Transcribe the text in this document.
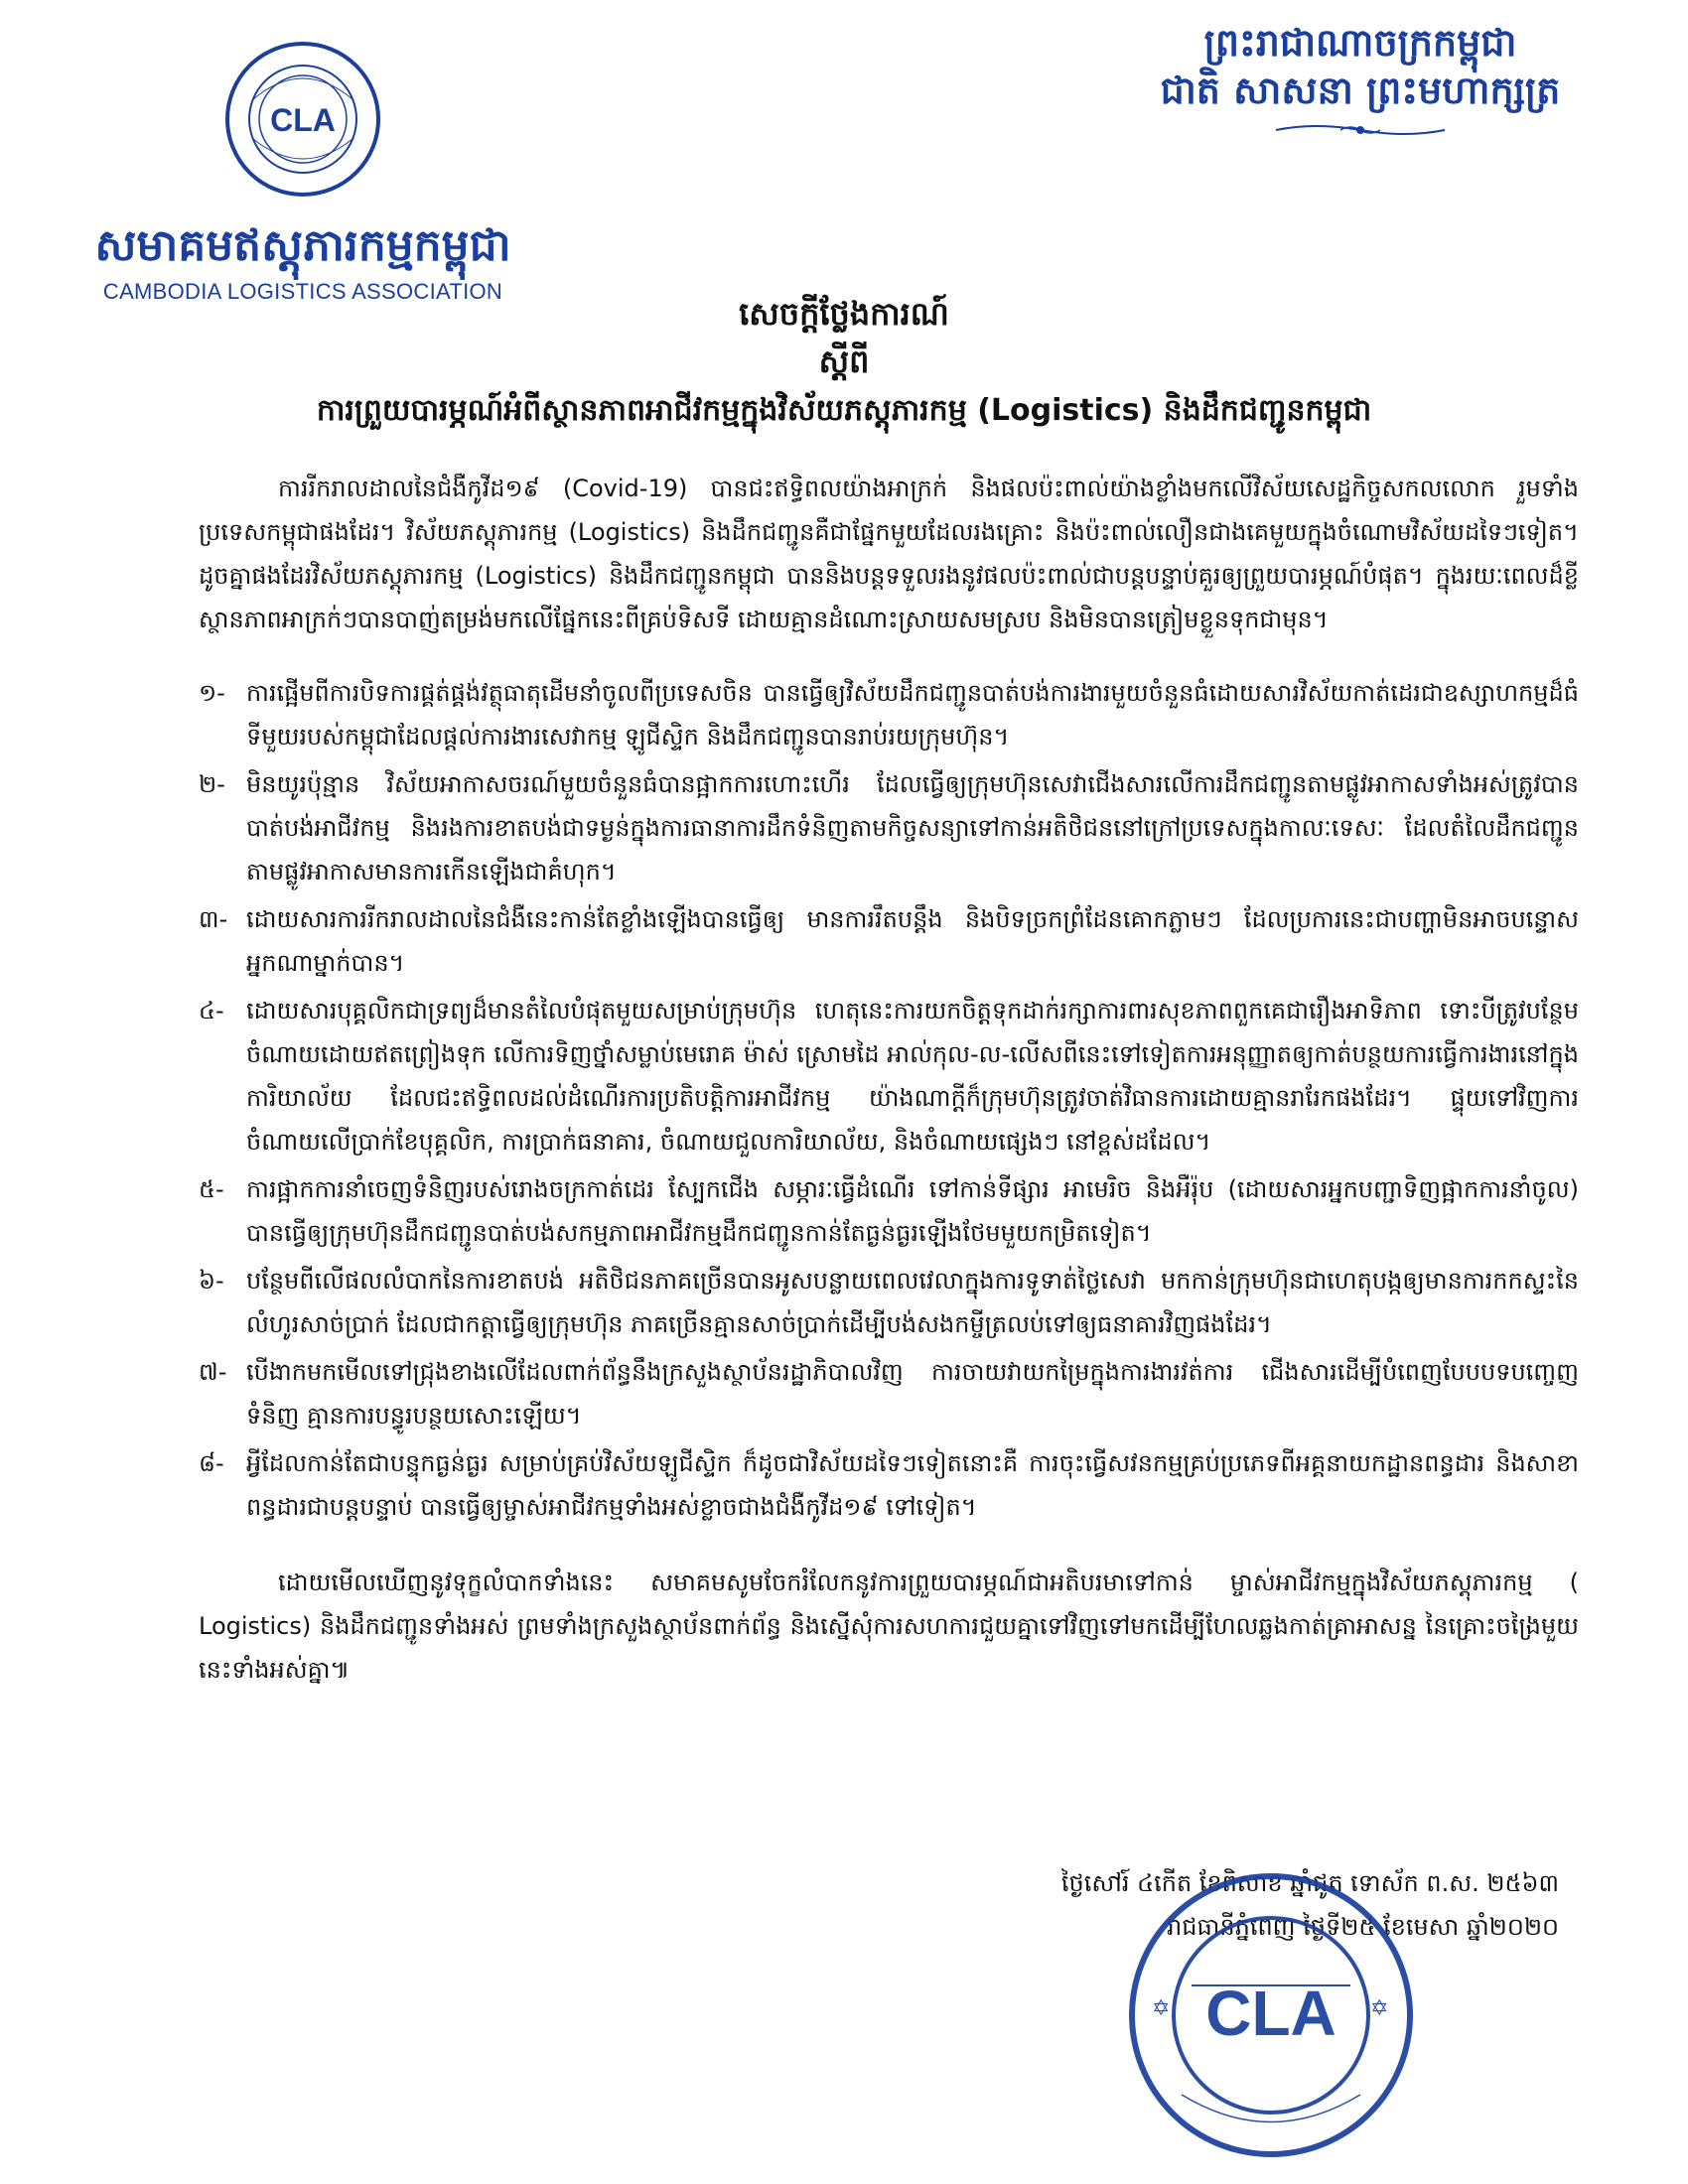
CLA
សមាគមឥស្ដុភារកម្មកម្ពុជា
CAMBODIA LOGISTICS ASSOCIATION
ព្រះរាជាណាចក្រកម្ពុជា
ជាតិ សាសនា ព្រះមហាក្សត្រ
សេចក្ដីថ្លែងការណ៍
ស្ដីពី
ការព្រួយបារម្ភណ៍អំពីស្ថានភាពអាជីវកម្មក្នុងវិស័យភស្ដុភារកម្ម (Logistics) និងដឹកជញ្ជូនកម្ពុជា

ការរីករាលដាលនៃជំងឺកូវីដ១៩ (Covid-19) បានជះឥទ្ធិពលយ៉ាងអាក្រក់ និងផលប៉ះពាល់យ៉ាងខ្លាំងមកលើវិស័យសេដ្ឋកិច្ចសកលលោក រួមទាំងប្រទេសកម្ពុជាផងដែរ។ វិស័យភស្ដុភារកម្ម (Logistics) និងដឹកជញ្ជូនគឺជាផ្នែកមួយដែលរងគ្រោះ និងប៉ះពាល់លឿនជាងគេមួយក្នុងចំណោមវិស័យដទៃៗទៀត។ ដូចគ្នាផងដែរវិស័យភស្ដុភារកម្ម (Logistics) និងដឹកជញ្ជូនកម្ពុជា បាននិងបន្តទទួលរងនូវផលប៉ះពាល់ជាបន្តបន្ទាប់គួរឲ្យព្រួយបារម្ភណ៍បំផុត។ ក្នុងរយៈពេលដ៏ខ្លីស្ថានភាពអាក្រក់ៗបានបាញ់តម្រង់មកលើផ្នែកនេះពីគ្រប់ទិសទី ដោយគ្មានដំណោះស្រាយសមស្រប និងមិនបានត្រៀមខ្លួនទុកជាមុន។

១- ការផ្អើមពីការបិទការផ្គត់ផ្គង់វត្ថុធាតុដើមនាំចូលពីប្រទេសចិន បានធ្វើឲ្យវិស័យដឹកជញ្ជូនបាត់បង់ការងារមួយចំនួនធំដោយសារវិស័យកាត់ដេរជាឧស្សាហកម្មដ៏ធំទីមួយរបស់កម្ពុជាដែលផ្ដល់ការងារសេវាកម្ម ឡូជីស្ទិក និងដឹកជញ្ជូនបានរាប់រយក្រុមហ៊ុន។
២- មិនយូរប៉ុន្មាន វិស័យអាកាសចរណ៍មួយចំនួនធំបានផ្អាកការហោះហើរ ដែលធ្វើឲ្យក្រុមហ៊ុនសេវាជើងសារលើការដឹកជញ្ជូនតាមផ្លូវអាកាសទាំងអស់ត្រូវបានបាត់បង់អាជីវកម្ម និងរងការខាតបង់ជាទម្ងន់ក្នុងការធានាការដឹកទំនិញតាមកិច្ចសន្យាទៅកាន់អតិថិជននៅក្រៅប្រទេសក្នុងកាលៈទេសៈ ដែលតំលៃដឹកជញ្ជូនតាមផ្លូវអាកាសមានការកើនឡើងជាគំហុក។
៣- ដោយសារការរីករាលដាលនៃជំងឺនេះកាន់តែខ្លាំងឡើងបានធ្វើឲ្យ មានការរឹតបន្តឹង និងបិទច្រកព្រំដែនគោកភ្លាមៗ ដែលប្រការនេះជាបញ្ហាមិនអាចបន្ទោសអ្នកណាម្នាក់បាន។
៤- ដោយសារបុគ្គលិកជាទ្រព្យដ៏មានតំលៃបំផុតមួយសម្រាប់ក្រុមហ៊ុន ហេតុនេះការយកចិត្តទុកដាក់រក្សាការពារសុខភាពពួកគេជារឿងអាទិភាព ទោះបីត្រូវបន្ថែមចំណាយដោយឥតព្រៀងទុក លើការទិញថ្នាំសម្លាប់មេរោគ ម៉ាស់ ស្រោមដៃ អាល់កុល-ល-លើសពីនេះទៅទៀតការអនុញ្ញាតឲ្យកាត់បន្ថយការធ្វើការងារនៅក្នុងការិយាល័យ ដែលជះឥទ្ធិពលដល់ដំណើរការប្រតិបត្តិការអាជីវកម្ម យ៉ាងណាក្ដីក៏ក្រុមហ៊ុនត្រូវចាត់វិធានការដោយគ្មានរារែកផងដែរ។ ផ្ទុយទៅវិញការចំណាយលើប្រាក់ខែបុគ្គលិក, ការប្រាក់ធនាគារ, ចំណាយជួលការិយាល័យ, និងចំណាយផ្សេងៗ នៅខ្ពស់ដដែល។
៥- ការផ្អាកការនាំចេញទំនិញរបស់រោងចក្រកាត់ដេរ ស្បែកជើង សម្ភារៈធ្វើដំណើរ ទៅកាន់ទីផ្សារ អាមេរិច និងអឺរ៉ុប (ដោយសារអ្នកបញ្ជាទិញផ្អាកការនាំចូល) បានធ្វើឲ្យក្រុមហ៊ុនដឹកជញ្ជូនបាត់បង់សកម្មភាពអាជីវកម្មដឹកជញ្ជូនកាន់តែធ្ងន់ធ្ងរឡើងថែមមួយកម្រិតទៀត។
៦- បន្ថែមពីលើផលលំបាកនៃការខាតបង់ អតិថិជនភាគច្រើនបានអូសបន្លាយពេលវេលាក្នុងការទូទាត់ថ្លៃសេវា មកកាន់ក្រុមហ៊ុនជាហេតុបង្កឲ្យមានការកកស្ទះនៃលំហូរសាច់ប្រាក់ ដែលជាកត្តាធ្វើឲ្យក្រុមហ៊ុន ភាគច្រើនគ្មានសាច់ប្រាក់ដើម្បីបង់សងកម្ចីត្រលប់ទៅឲ្យធនាគារវិញផងដែរ។
៧- បើងាកមកមើលទៅជ្រុងខាងលើដែលពាក់ព័ន្ធនឹងក្រសួងស្ថាប័នរដ្ឋាភិបាលវិញ ការចាយវាយកម្រៃក្នុងការងារវត់ការ ជើងសារដើម្បីបំពេញបែបបទបញ្ចេញទំនិញ គ្មានការបន្ធូរបន្ថយសោះឡើយ។
៨- អ្វីដែលកាន់តែជាបន្ទុកធ្ងន់ធ្ងរ សម្រាប់គ្រប់វិស័យឡូជីស្ទិក ក៏ដូចជាវិស័យដទៃៗទៀតនោះគឺ ការចុះធ្វើសវនកម្មគ្រប់ប្រភេទពីអគ្គនាយកដ្ឋានពន្ធដារ និងសាខាពន្ធដារជាបន្តបន្ទាប់ បានធ្វើឲ្យម្ចាស់អាជីវកម្មទាំងអស់ខ្លាចជាងជំងឺកូវីដ១៩ ទៅទៀត។

ដោយមើលឃើញនូវទុក្ខលំបាកទាំងនេះ សមាគមសូមចែករំលែកនូវការព្រួយបារម្ភណ៍ជាអតិបរមាទៅកាន់ ម្ចាស់អាជីវកម្មក្នុងវិស័យភស្ដុភារកម្ម ( Logistics) និងដឹកជញ្ជូនទាំងអស់ ព្រមទាំងក្រសួងស្ថាប័នពាក់ព័ន្ធ និងស្នើសុំការសហការជួយគ្នាទៅវិញទៅមកដើម្បីហែលឆ្លងកាត់គ្រាអាសន្ន នៃគ្រោះចង្រៃមួយនេះទាំងអស់គ្នា៕

ថ្ងៃសៅរ៍ ៤កើត ខែពិសាខ ឆ្នាំជូត ទោស័ក ព.ស. ២៥៦៣
រាជធានីភ្នំពេញ ថ្ងៃទី២៥ ខែមេសា ឆ្នាំ២០២០
CLA
✡	✡
